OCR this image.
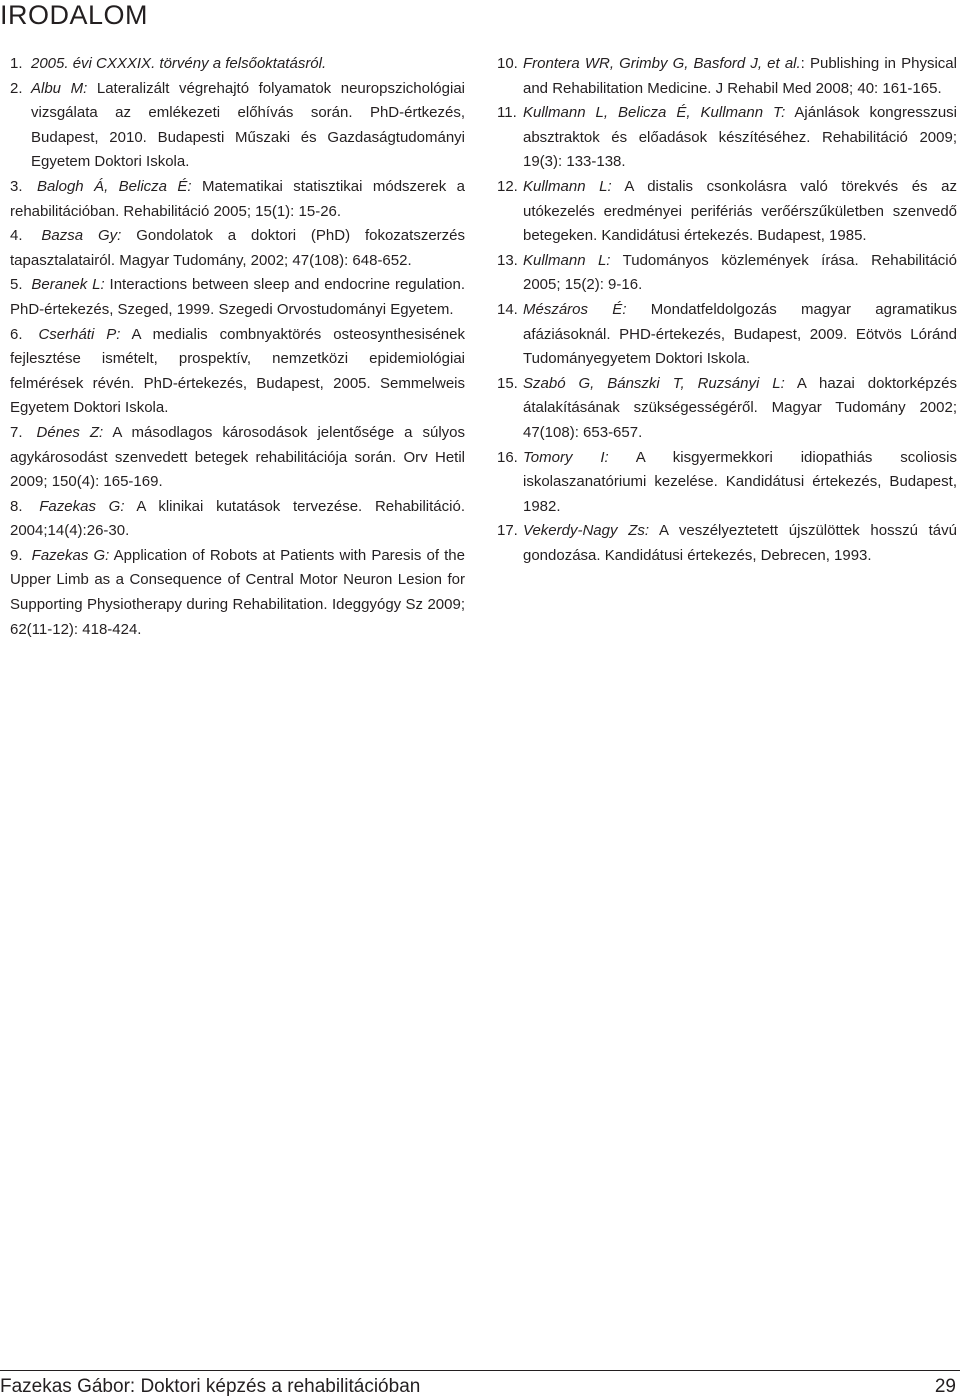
IRODALOM
1. 2005. évi CXXXIX. törvény a felsőoktatásról.
2. Albu M: Lateralizált végrehajtó folyamatok neuropszichológiai vizsgálata az emlékezeti előhívás során. PhD-értkezés, Budapest, 2010. Budapesti Műszaki és Gazdaságtudományi Egyetem Doktori Iskola.
3. Balogh Á, Belicza É: Matematikai statisztikai módszerek a rehabilitációban. Rehabilitáció 2005; 15(1): 15-26.
4. Bazsa Gy: Gondolatok a doktori (PhD) fokozatszerzés tapasztalatairól. Magyar Tudomány, 2002; 47(108): 648-652.
5. Beranek L: Interactions between sleep and endocrine regulation. PhD-értekezés, Szeged, 1999. Szegedi Orvostudományi Egyetem.
6. Cserháti P: A medialis combnyaktörés osteosynthesisének fejlesztése ismételt, prospektív, nemzetközi epidemiológiai felmérések révén. PhD-értekezés, Budapest, 2005. Semmelweis Egyetem Doktori Iskola.
7. Dénes Z: A másodlagos károsodások jelentősége a súlyos agykárosodást szenvedett betegek rehabilitációja során. Orv Hetil 2009; 150(4): 165-169.
8. Fazekas G: A klinikai kutatások tervezése. Rehabilitáció. 2004;14(4):26-30.
9. Fazekas G: Application of Robots at Patients with Paresis of the Upper Limb as a Consequence of Central Motor Neuron Lesion for Supporting Physiotherapy during Rehabilitation. Ideggyógy Sz 2009; 62(11-12): 418-424.
10. Frontera WR, Grimby G, Basford J, et al.: Publishing in Physical and Rehabilitation Medicine. J Rehabil Med 2008; 40: 161-165.
11. Kullmann L, Belicza É, Kullmann T: Ajánlások kongresszusi absztraktok és előadások készítéséhez. Rehabilitáció 2009; 19(3): 133-138.
12. Kullmann L: A distalis csonkolásra való törekvés és az utókezelés eredményei perifériás verőérszűkületben szenvedő betegeken. Kandidátusi értekezés. Budapest, 1985.
13. Kullmann L: Tudományos közlemények írása. Rehabilitáció 2005; 15(2): 9-16.
14. Mészáros É: Mondatfeldolgozás magyar agramatikus afáziásoknál. PHD-értekezés, Budapest, 2009. Eötvös Lóránd Tudományegyetem Doktori Iskola.
15. Szabó G, Bánszki T, Ruzsányi L: A hazai doktorképzés átalakításának szükségességéről. Magyar Tudomány 2002; 47(108): 653-657.
16. Tomory I: A kisgyermekkori idiopathiás scoliosis iskolaszanatóriumi kezelése. Kandidátusi értekezés, Budapest, 1982.
17. Vekerdy-Nagy Zs: A veszélyeztetett újszülöttek hosszú távú gondozása. Kandidátusi értekezés, Debrecen, 1993.
Fazekas Gábor: Doktori képzés a rehabilitációban	29
